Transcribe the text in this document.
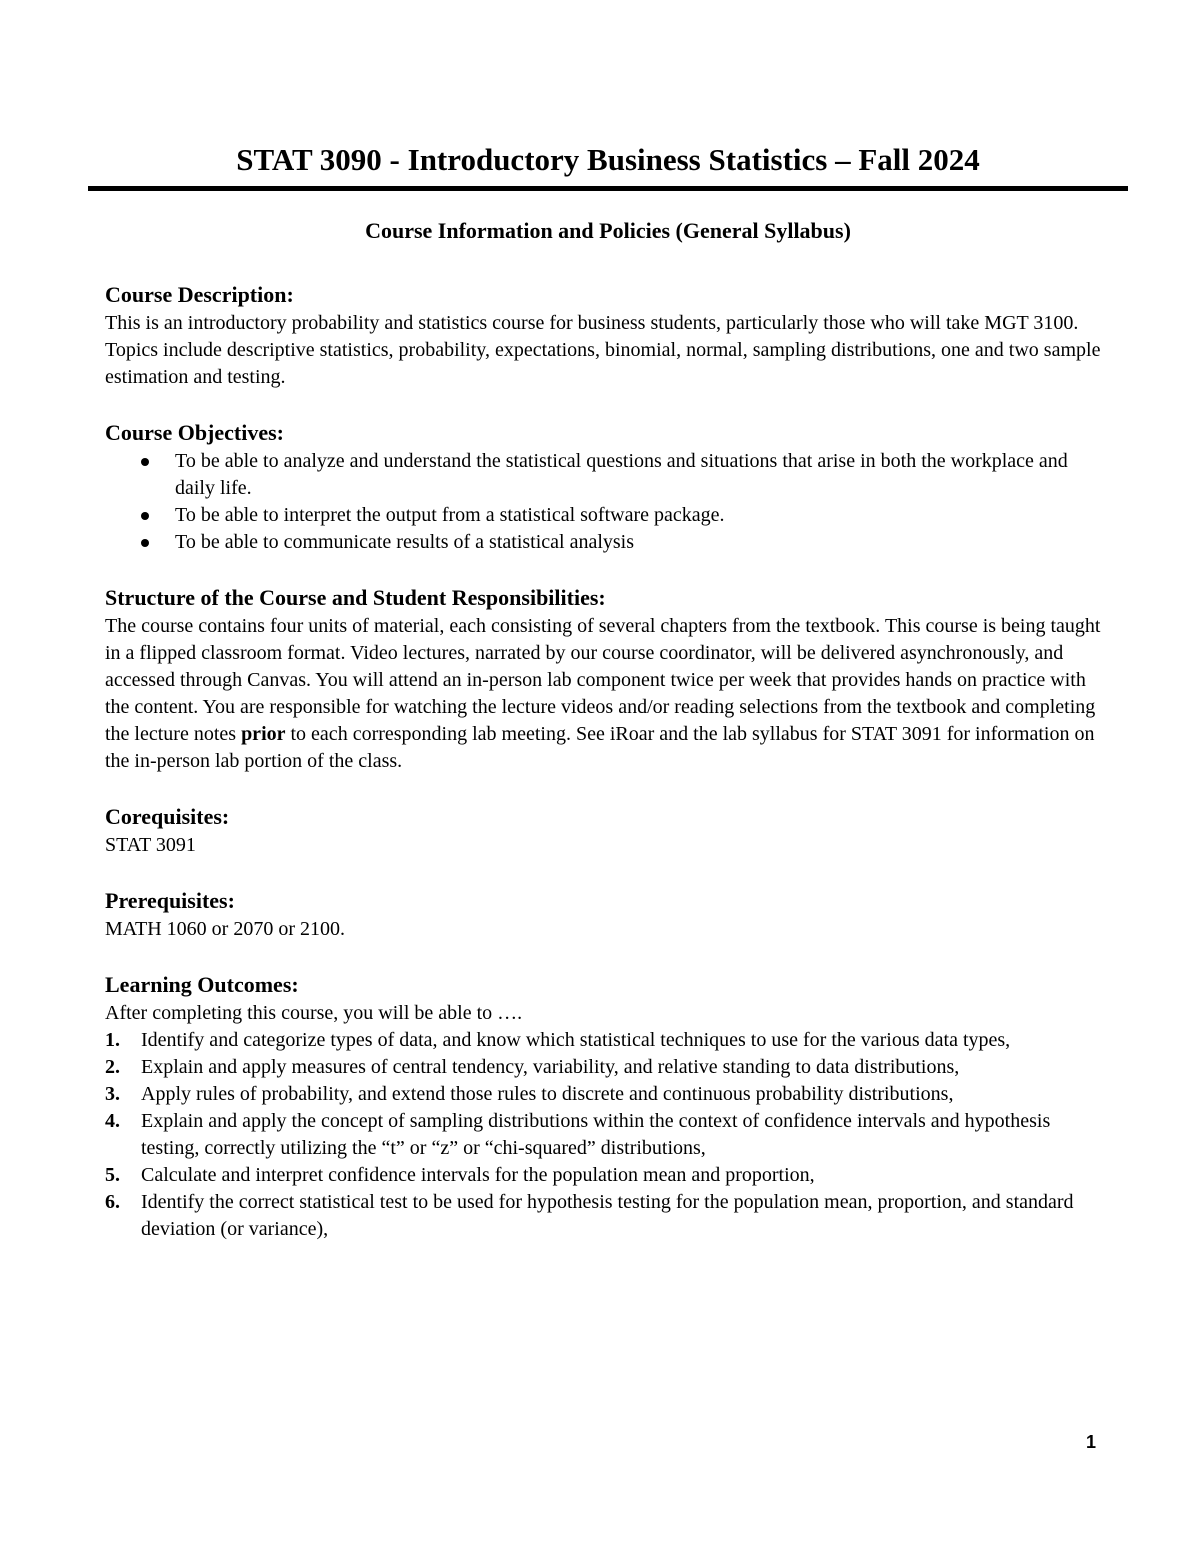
STAT 3090 - Introductory Business Statistics – Fall 2024
Course Information and Policies (General Syllabus)
Course Description:

This is an introductory probability and statistics course for business students, particularly those who will take MGT 3100. Topics include descriptive statistics, probability, expectations, binomial, normal, sampling distributions, one and two sample estimation and testing.

Course Objectives:
To be able to analyze and understand the statistical questions and situations that arise in both the workplace and daily life.
To be able to interpret the output from a statistical software package.
To be able to communicate results of a statistical analysis
Structure of the Course and Student Responsibilities:

The course contains four units of material, each consisting of several chapters from the textbook. This course is being taught in a flipped classroom format. Video lectures, narrated by our course coordinator, will be delivered asynchronously, and accessed through Canvas. You will attend an in-person lab component twice per week that provides hands on practice with the content. You are responsible for watching the lecture videos and/or reading selections from the textbook and completing the lecture notes prior to each corresponding lab meeting. See iRoar and the lab syllabus for STAT 3091 for information on the in-person lab portion of the class.

Corequisites:

STAT 3091

Prerequisites:

MATH 1060 or 2070 or 2100.

Learning Outcomes:

After completing this course, you will be able to ….

1. Identify and categorize types of data, and know which statistical techniques to use for the various data types,
2. Explain and apply measures of central tendency, variability, and relative standing to data distributions,
3. Apply rules of probability, and extend those rules to discrete and continuous probability distributions,
4. Explain and apply the concept of sampling distributions within the context of confidence intervals and hypothesis testing, correctly utilizing the “t” or “z” or “chi-squared” distributions,
5. Calculate and interpret confidence intervals for the population mean and proportion,
6. Identify the correct statistical test to be used for hypothesis testing for the population mean, proportion, and standard deviation (or variance),
1
